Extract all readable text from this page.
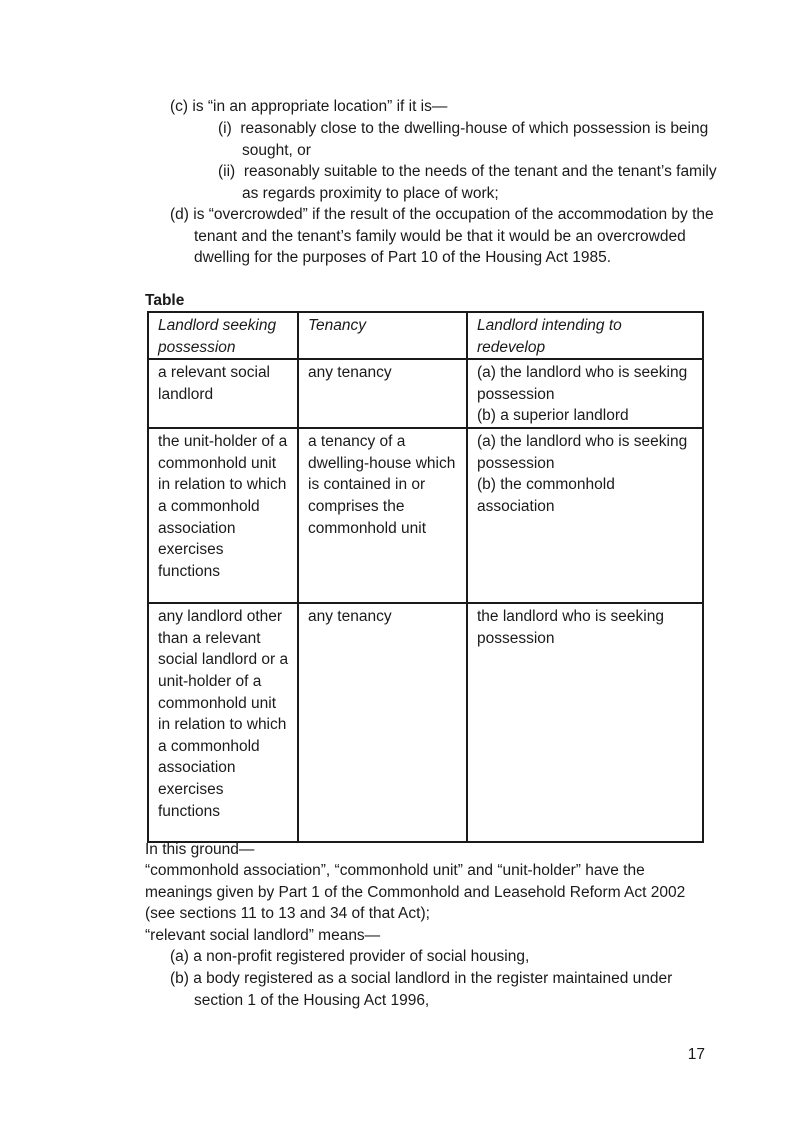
(c) is “in an appropriate location” if it is—

(i)  reasonably close to the dwelling-house of which possession is being sought, or

(ii)  reasonably suitable to the needs of the tenant and the tenant’s family as regards proximity to place of work;

(d) is “overcrowded” if the result of the occupation of the accommodation by the tenant and the tenant’s family would be that it would be an overcrowded dwelling for the purposes of Part 10 of the Housing Act 1985.

Table
Landlord seeking possession	Tenancy	Landlord intending to redevelop
a relevant social landlord	any tenancy	(a) the landlord who is seeking possession
(b) a superior landlord
the unit-holder of a commonhold unit in relation to which a commonhold association exercises functions	a tenancy of a dwelling-house which is contained in or comprises the commonhold unit	(a) the landlord who is seeking possession
(b) the commonhold association
any landlord other than a relevant social landlord or a unit-holder of a commonhold unit in relation to which a commonhold association exercises functions	any tenancy	the landlord who is seeking possession

In this ground—

“commonhold association”, “commonhold unit” and “unit-holder” have the meanings given by Part 1 of the Commonhold and Leasehold Reform Act 2002 (see sections 11 to 13 and 34 of that Act);

“relevant social landlord” means—

(a) a non-profit registered provider of social housing,

(b) a body registered as a social landlord in the register maintained under section 1 of the Housing Act 1996,

17
